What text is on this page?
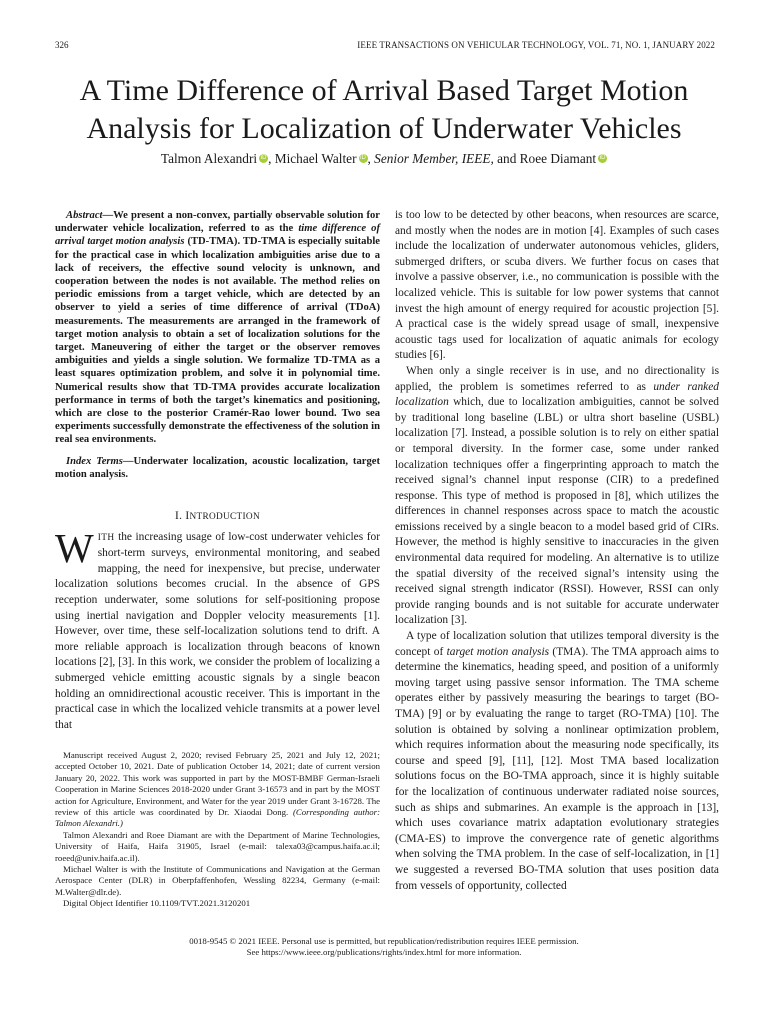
326	IEEE TRANSACTIONS ON VEHICULAR TECHNOLOGY, VOL. 71, NO. 1, JANUARY 2022
A Time Difference of Arrival Based Target Motion
Analysis for Localization of Underwater Vehicles
Talmon Alexandri iD , Michael Walter iD , Senior Member, IEEE, and Roee Diamant iD

Abstract—We present a non-convex, partially observable solution for underwater vehicle localization, referred to as the time difference of arrival target motion analysis (TD-TMA). TD-TMA is especially suitable for the practical case in which localization ambiguities arise due to a lack of receivers, the effective sound velocity is unknown, and cooperation between the nodes is not available. The method relies on periodic emissions from a target vehicle, which are detected by an observer to yield a series of time difference of arrival (TDoA) measurements. The measurements are arranged in the framework of target motion analysis to obtain a set of localization solutions for the target. Maneuvering of either the target or the observer removes ambiguities and yields a single solution. We formalize TD-TMA as a least squares optimization problem, and solve it in polynomial time. Numerical results show that TD-TMA provides accurate localization performance in terms of both the target’s kinematics and positioning, which are close to the posterior Cramér-Rao lower bound. Two sea experiments successfully demonstrate the effectiveness of the solution in real sea environments.

Index Terms—Underwater localization, acoustic localization, target motion analysis.

I. INTRODUCTION

WITH the increasing usage of low-cost underwater vehicles for short-term surveys, environmental monitoring, and seabed mapping, the need for inexpensive, but precise, underwater localization solutions becomes crucial. In the absence of GPS reception underwater, some solutions for self-positioning propose using inertial navigation and Doppler velocity measurements [1]. However, over time, these self-localization solutions tend to drift. A more reliable approach is localization through beacons of known locations [2], [3]. In this work, we consider the problem of localizing a submerged vehicle emitting acoustic signals by a single beacon holding an omnidirectional acoustic receiver. This is important in the practical case in which the localized vehicle transmits at a power level that

is too low to be detected by other beacons, when resources are scarce, and mostly when the nodes are in motion [4]. Examples of such cases include the localization of underwater autonomous vehicles, gliders, submerged drifters, or scuba divers. We further focus on cases that involve a passive observer, i.e., no communication is possible with the localized vehicle. This is suitable for low power systems that cannot invest the high amount of energy required for acoustic projection [5]. A practical case is the widely spread usage of small, inexpensive acoustic tags used for localization of aquatic animals for ecology studies [6].

When only a single receiver is in use, and no directionality is applied, the problem is sometimes referred to as under ranked localization which, due to localization ambiguities, cannot be solved by traditional long baseline (LBL) or ultra short baseline (USBL) localization [7]. Instead, a possible solution is to rely on either spatial or temporal diversity. In the former case, some under ranked localization techniques offer a fingerprinting approach to match the received signal’s channel input response (CIR) to a predefined response. This type of method is proposed in [8], which utilizes the differences in channel responses across space to match the acoustic emissions received by a single beacon to a model based grid of CIRs. However, the method is highly sensitive to inaccuracies in the given environmental data required for modeling. An alternative is to utilize the spatial diversity of the received signal’s intensity using the received signal strength indicator (RSSI). However, RSSI can only provide ranging bounds and is not suitable for accurate underwater localization [3].

A type of localization solution that utilizes temporal diversity is the concept of target motion analysis (TMA). The TMA approach aims to determine the kinematics, heading speed, and position of a uniformly moving target using passive sensor information. The TMA scheme operates either by passively measuring the bearings to target (BO-TMA) [9] or by evaluating the range to target (RO-TMA) [10]. The solution is obtained by solving a nonlinear optimization problem, which requires information about the measuring node specifically, its course and speed [9], [11], [12]. Most TMA based localization solutions focus on the BO-TMA approach, since it is highly suitable for the localization of continuous underwater radiated noise sources, such as ships and submarines. An example is the approach in [13], which uses covariance matrix adaptation evolutionary strategies (CMA-ES) to improve the convergence rate of genetic algorithms when solving the TMA problem. In the case of self-localization, in [1] we suggested a reversed BO-TMA solution that uses position data from vessels of opportunity, collected

Manuscript received August 2, 2020; revised February 25, 2021 and July 12, 2021; accepted October 10, 2021. Date of publication October 14, 2021; date of current version January 20, 2022. This work was supported in part by the MOST-BMBF German-Israeli Cooperation in Marine Sciences 2018-2020 under Grant 3-16573 and in part by the MOST action for Agriculture, Environment, and Water for the year 2019 under Grant 3-16728. The review of this article was coordinated by Dr. Xiaodai Dong. (Corresponding author: Talmon Alexandri.)

Talmon Alexandri and Roee Diamant are with the Department of Marine Technologies, University of Haifa, Haifa 31905, Israel (e-mail: talexa03@campus.haifa.ac.il; roeed@univ.haifa.ac.il).

Michael Walter is with the Institute of Communications and Navigation at the German Aerospace Center (DLR) in Oberpfaffenhofen, Wessling 82234, Germany (e-mail: M.Walter@dlr.de).

Digital Object Identifier 10.1109/TVT.2021.3120201

0018-9545 © 2021 IEEE. Personal use is permitted, but republication/redistribution requires IEEE permission.
See https://www.ieee.org/publications/rights/index.html for more information.
